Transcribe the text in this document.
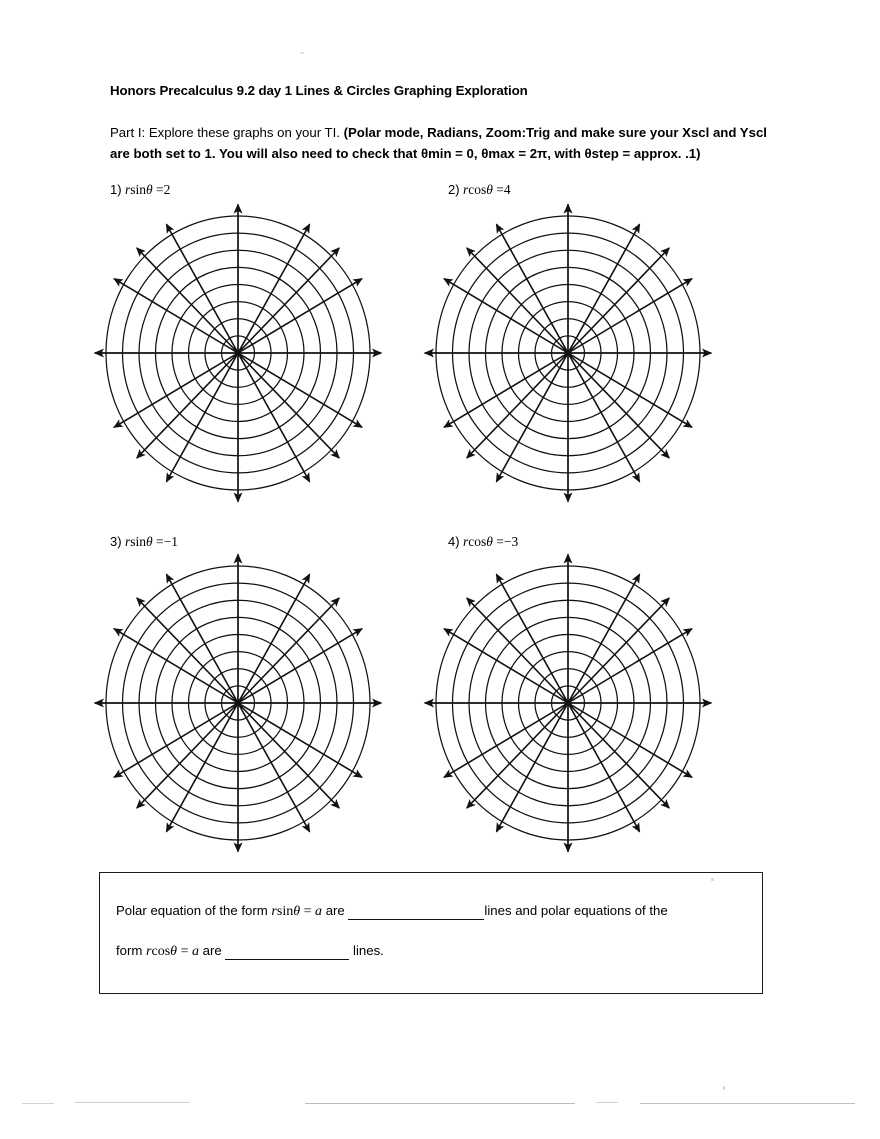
Honors Precalculus 9.2 day 1 Lines & Circles Graphing Exploration
Part I: Explore these graphs on your TI. (Polar mode, Radians, Zoom:Trig and make sure your Xscl and Yscl are both set to 1. You will also need to check that θmin = 0, θmax = 2π, with θstep = approx. .1)
1) rsinθ =2	2) rcosθ =4
3) rsinθ =−1	4) rcosθ =−3
Polar equation of the form rsinθ = a are	lines and polar equations of the
form rcosθ = a are	lines.
